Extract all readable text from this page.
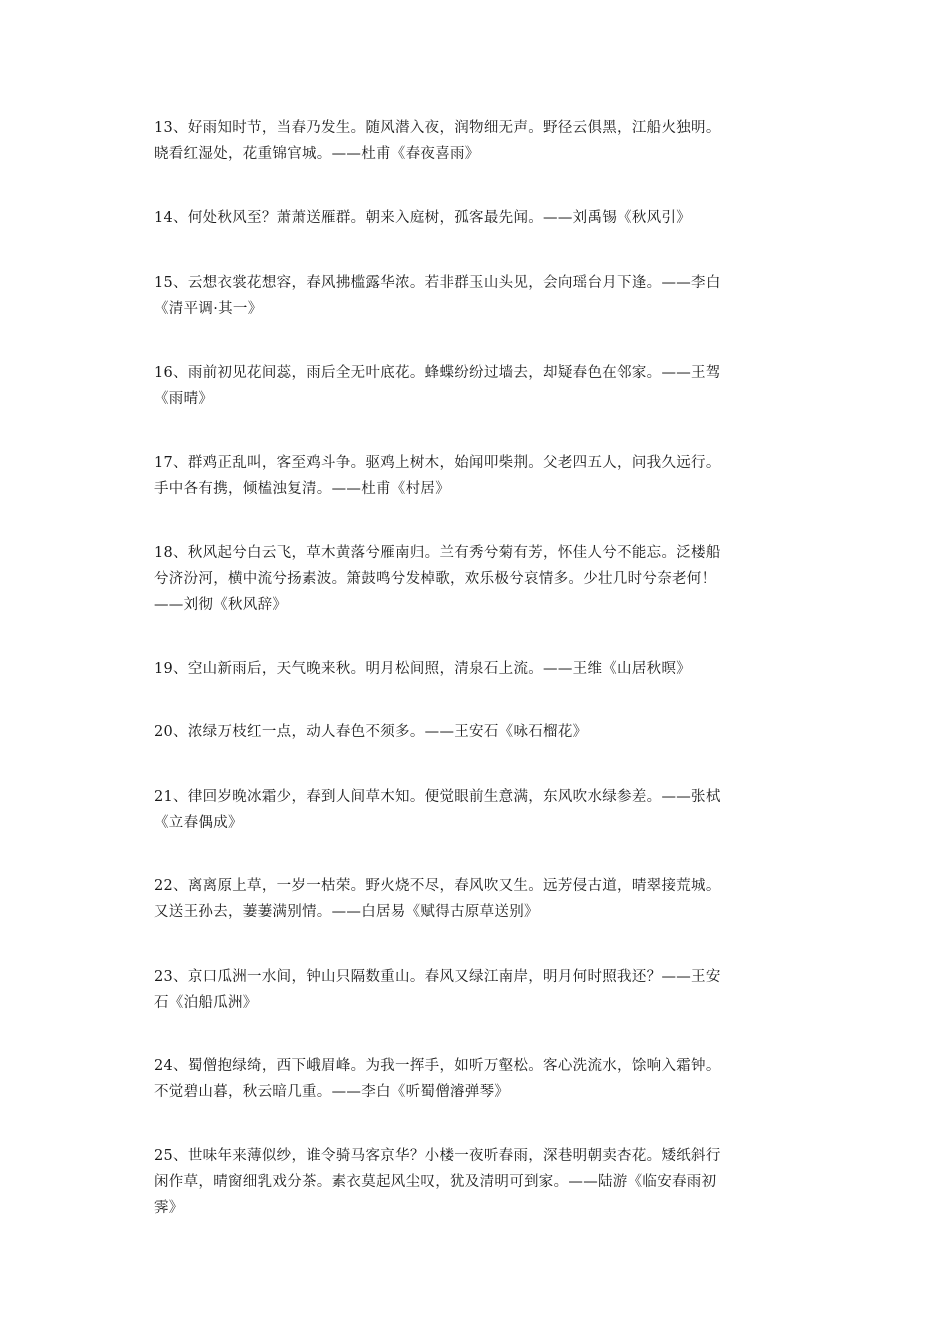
13、好雨知时节，当春乃发生。随风潜入夜，润物细无声。野径云俱黑，江船火独明。
晓看红湿处，花重锦官城。——杜甫《春夜喜雨》

14、何处秋风至？萧萧送雁群。朝来入庭树，孤客最先闻。——刘禹锡《秋风引》

15、云想衣裳花想容，春风拂槛露华浓。若非群玉山头见，会向瑶台月下逢。——李白
《清平调·其一》

16、雨前初见花间蕊，雨后全无叶底花。蜂蝶纷纷过墙去，却疑春色在邻家。——王驾
《雨晴》

17、群鸡正乱叫，客至鸡斗争。驱鸡上树木，始闻叩柴荆。父老四五人，问我久远行。
手中各有携，倾榼浊复清。——杜甫《村居》

18、秋风起兮白云飞，草木黄落兮雁南归。兰有秀兮菊有芳，怀佳人兮不能忘。泛楼船
兮济汾河，横中流兮扬素波。箫鼓鸣兮发棹歌，欢乐极兮哀情多。少壮几时兮奈老何！
——刘彻《秋风辞》

19、空山新雨后，天气晚来秋。明月松间照，清泉石上流。——王维《山居秋暝》

20、浓绿万枝红一点，动人春色不须多。——王安石《咏石榴花》

21、律回岁晚冰霜少，春到人间草木知。便觉眼前生意满，东风吹水绿参差。——张栻
《立春偶成》

22、离离原上草，一岁一枯荣。野火烧不尽，春风吹又生。远芳侵古道，晴翠接荒城。
又送王孙去，萋萋满别情。——白居易《赋得古原草送别》

23、京口瓜洲一水间，钟山只隔数重山。春风又绿江南岸，明月何时照我还？——王安
石《泊船瓜洲》

24、蜀僧抱绿绮，西下峨眉峰。为我一挥手，如听万壑松。客心洗流水，馀响入霜钟。
不觉碧山暮，秋云暗几重。——李白《听蜀僧濬弹琴》

25、世味年来薄似纱，谁令骑马客京华？小楼一夜听春雨，深巷明朝卖杏花。矮纸斜行
闲作草，晴窗细乳戏分茶。素衣莫起风尘叹，犹及清明可到家。——陆游《临安春雨初
霁》
